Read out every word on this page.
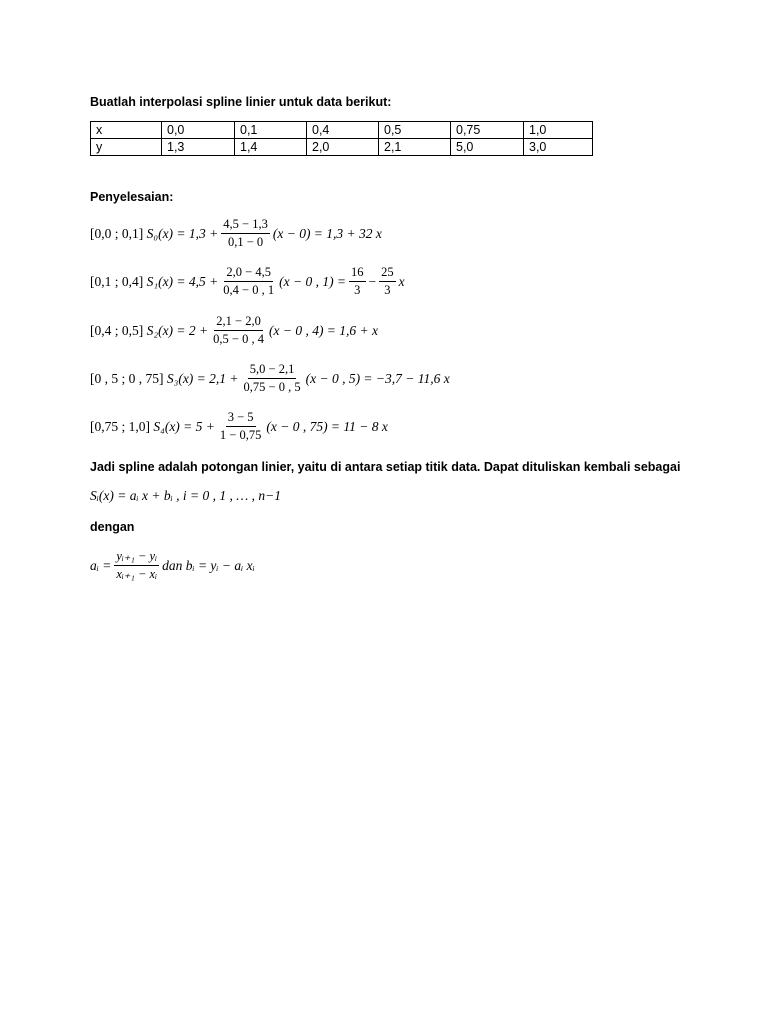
Buatlah interpolasi spline linier untuk data berikut:
x	0,0	0,1	0,4	0,5	0,75	1,0
y	1,3	1,4	2,0	2,1	5,0	3,0
Penyelesaian:
[0,0 ; 0,1]
$S_0(x) = 1,3 + \frac{4,5 - 1,3}{0,1 - 0} (x - 0) = 1,3 + 32$ x
[0,1 ; 0,4]
$S_1(x) = 4,5 + \frac{2,0 - 4,5}{0,4 - 0 , 1} (x - 0$ , $1) = \frac{16}{3} - \frac{25}{3}$ x
[0,4 ; 0,5]
$S_2(x) = 2 + \frac{2,1 - 2,0}{0,5 - 0 , 4} (x - 0$ , 4) = 1,6 + x
[0 , 5 ; 0 , 75]
$S_3(x) = 2,1 + \frac{5,0 - 2,1}{0,75 - 0 , 5} (x - 0$ , 5) = −3,7 − 11,6 x
[0,75 ; 1,0]
$S_4(x) = 5 + \frac{3 - 5}{1 - 0,75} (x - 0$ , 75) = 11 − 8 x
Jadi spline adalah potongan linier, yaitu di antara setiap titik data. Dapat dituliskan kembali sebagai
Sᵢ(x) = aᵢ x + bᵢ , i = 0 , 1 , … , n−1
dengan
aᵢ = $\frac{\text{yᵢ₊₁ − yᵢ}}{\text{xᵢ₊₁ − xᵢ}}$ dan bᵢ = yᵢ − aᵢ xᵢ
